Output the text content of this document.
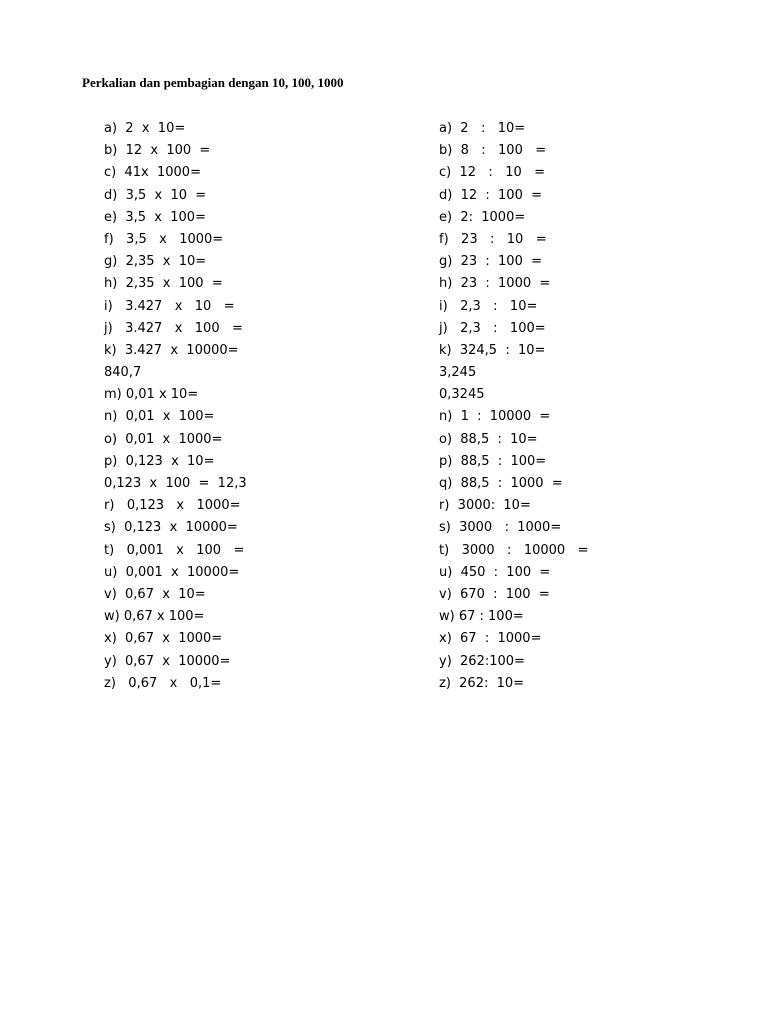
Perkalian dan pembagian dengan 10, 100, 1000
a)  2  x  10=
b)  12  x  100  =
c)  41x  1000=
d)  3,5  x  10  =
e)  3,5  x  100=
f)   3,5   x   1000=
g)  2,35  x  10=
h)  2,35  x  100  =
i)   3.427   x   10   =
j)   3.427   x   100   =
k)  3.427  x  10000=
840,7
m) 0,01 x 10=
n)  0,01  x  100=
o)  0,01  x  1000=
p)  0,123  x  10=
0,123  x  100  =  12,3
r)   0,123   x   1000=
s)  0,123  x  10000=
t)   0,001   x   100   =
u)  0,001  x  10000=
v)  0,67  x  10=
w) 0,67 x 100=
x)  0,67  x  1000=
y)  0,67  x  10000=
z)   0,67   x   0,1=
a)  2   :   10=
b)  8   :   100   =
c)  12   :   10   =
d)  12  :  100  =
e)  2:  1000=
f)   23   :   10   =
g)  23  :  100  =
h)  23  :  1000  =
i)   2,3   :   10=
j)   2,3   :   100=
k)  324,5  :  10=
3,245
0,3245
n)  1  :  10000  =
o)  88,5  :  10=
p)  88,5  :  100=
q)  88,5  :  1000  =
r)  3000:  10=
s)  3000   :  1000=
t)   3000   :   10000   =
u)  450  :  100  =
v)  670  :  100  =
w) 67 : 100=
x)  67  :  1000=
y)  262:100=
z)  262:  10=
